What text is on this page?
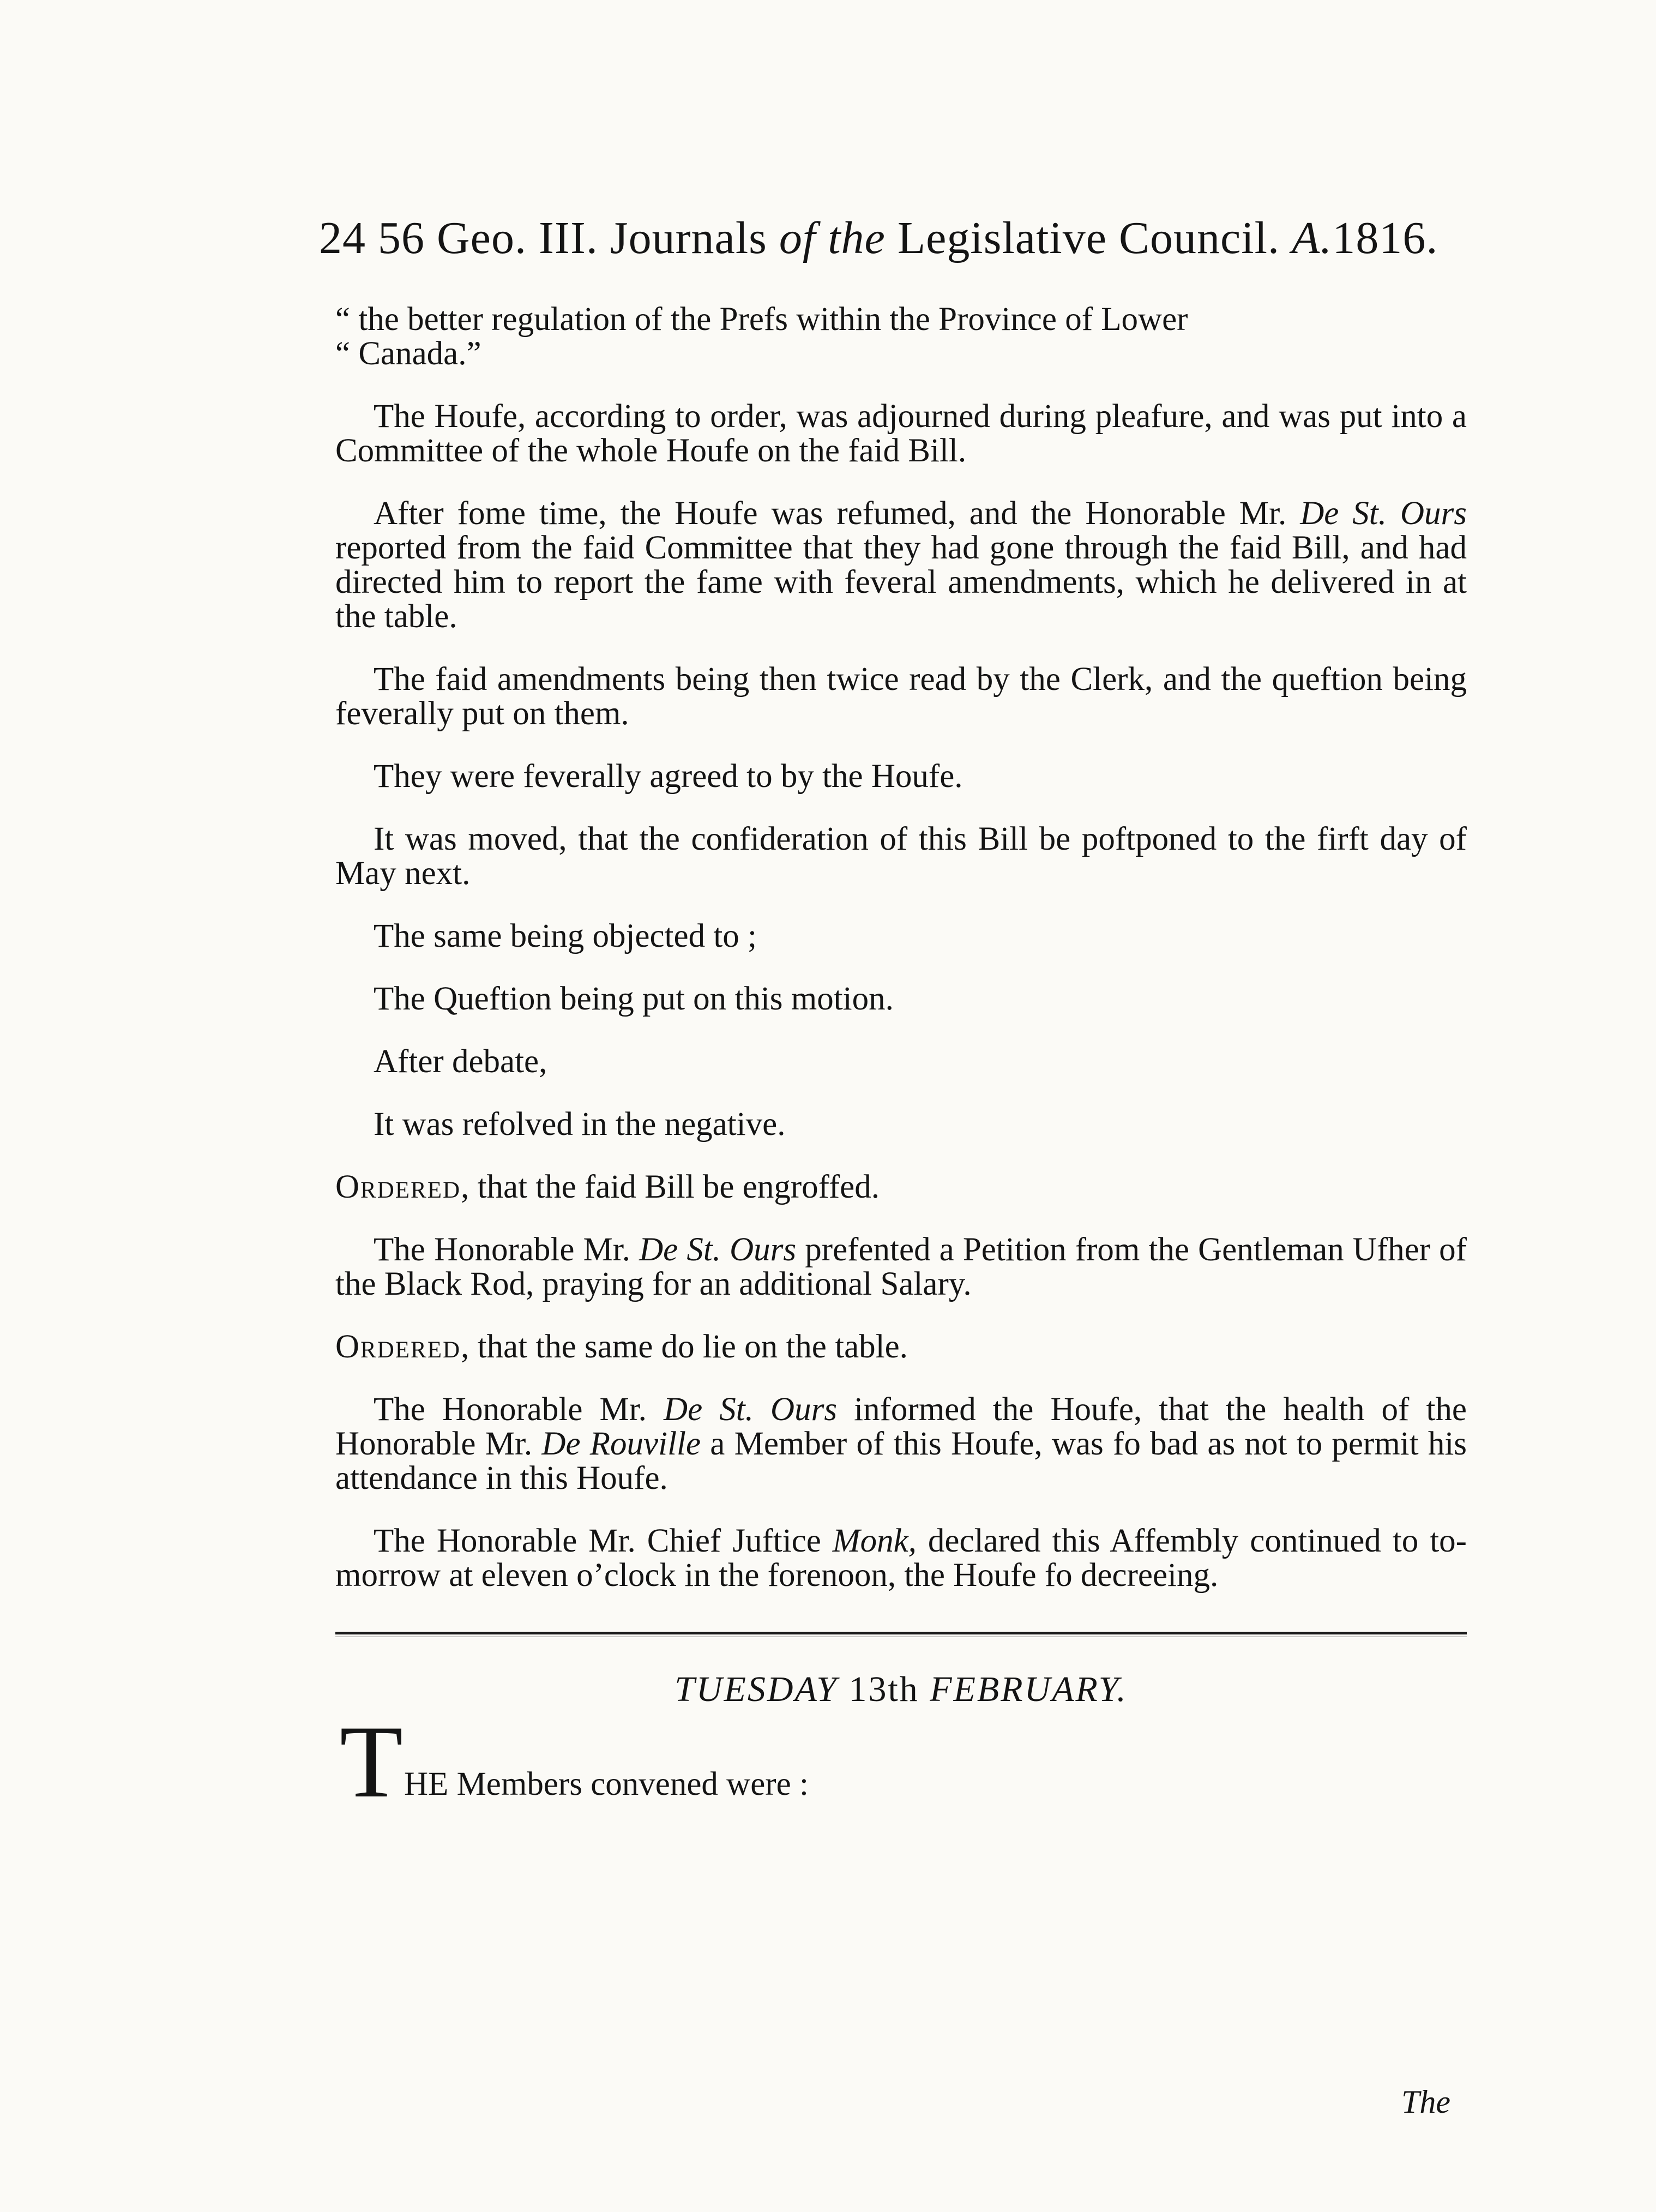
24 56 Geo. III. Journals of the Legislative Council. A.1816.

“ the better regulation of the Prefs within the Province of Lower
“ Canada.”

The Houfe, according to order, was adjourned during pleafure, and was put into a Committee of the whole Houfe on the faid Bill.

After fome time, the Houfe was refumed, and the Honorable Mr. De St. Ours reported from the faid Committee that they had gone through the faid Bill, and had directed him to report the fame with feveral amendments, which he delivered in at the table.

The faid amendments being then twice read by the Clerk, and the queftion being feverally put on them.

They were feverally agreed to by the Houfe.

It was moved, that the confideration of this Bill be poftponed to the firft day of May next.

The same being objected to ;

The Queftion being put on this motion.

After debate,

It was refolved in the negative.

Ordered, that the faid Bill be engroffed.

The Honorable Mr. De St. Ours prefented a Petition from the Gentleman Ufher of the Black Rod, praying for an additional Salary.

Ordered, that the same do lie on the table.

The Honorable Mr. De St. Ours informed the Houfe, that the health of the Honorable Mr. De Rouville a Member of this Houfe, was fo bad as not to permit his attendance in this Houfe.

The Honorable Mr. Chief Juftice Monk, declared this Affembly continued to to-morrow at eleven o’clock in the forenoon, the Houfe fo decreeing.

TUESDAY 13th FEBRUARY.
T HE Members convened were :
The
